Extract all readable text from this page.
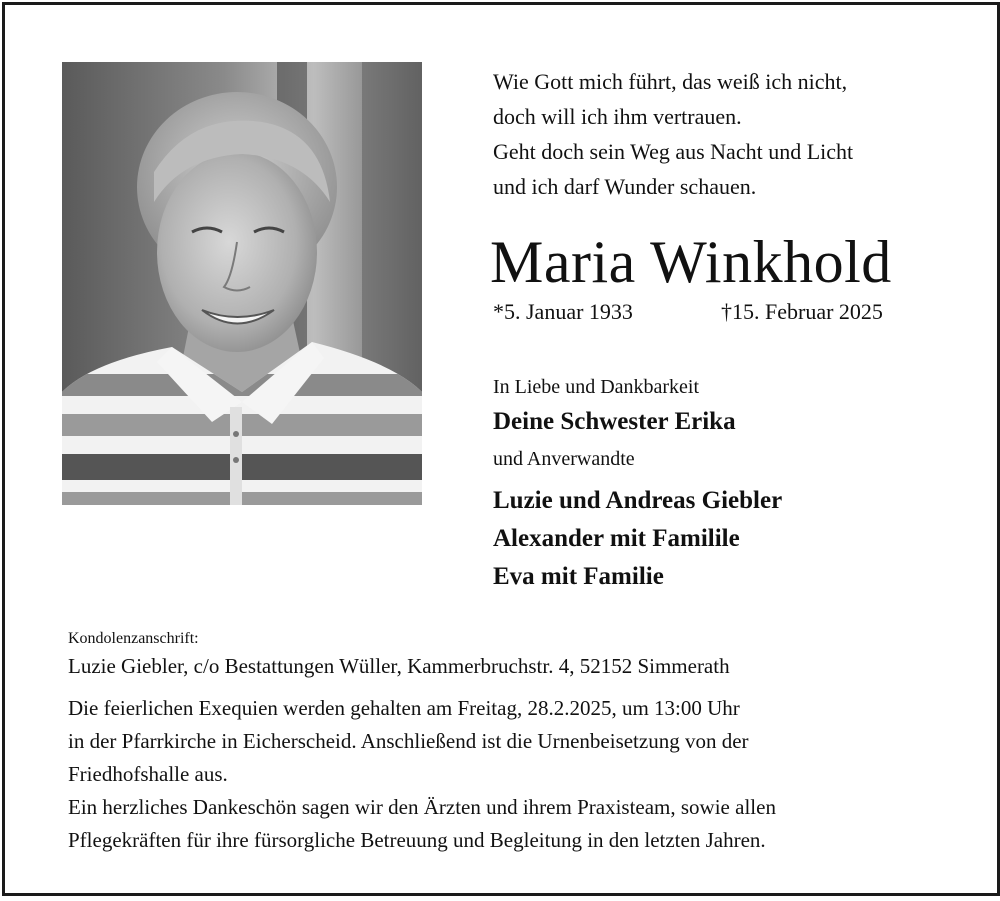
Wie Gott mich führt, das weiß ich nicht,
doch will ich ihm vertrauen.
Geht doch sein Weg aus Nacht und Licht
und ich darf Wunder schauen.
Maria Winkhold
*5. Januar 1933	†15. Februar 2025
In Liebe und Dankbarkeit
Deine Schwester Erika
und Anverwandte
Luzie und Andreas Giebler
Alexander mit Familile
Eva mit Familie
Kondolenzanschrift:
Luzie Giebler, c/o Bestattungen Wüller, Kammerbruchstr. 4, 52152 Simmerath
Die feierlichen Exequien werden gehalten am Freitag, 28.2.2025, um 13:00 Uhr
in der Pfarrkirche in Eicherscheid. Anschließend ist die Urnenbeisetzung von der
Friedhofshalle aus.
Ein herzliches Dankeschön sagen wir den Ärzten und ihrem Praxisteam, sowie allen
Pflegekräften für ihre fürsorgliche Betreuung und Begleitung in den letzten Jahren.
